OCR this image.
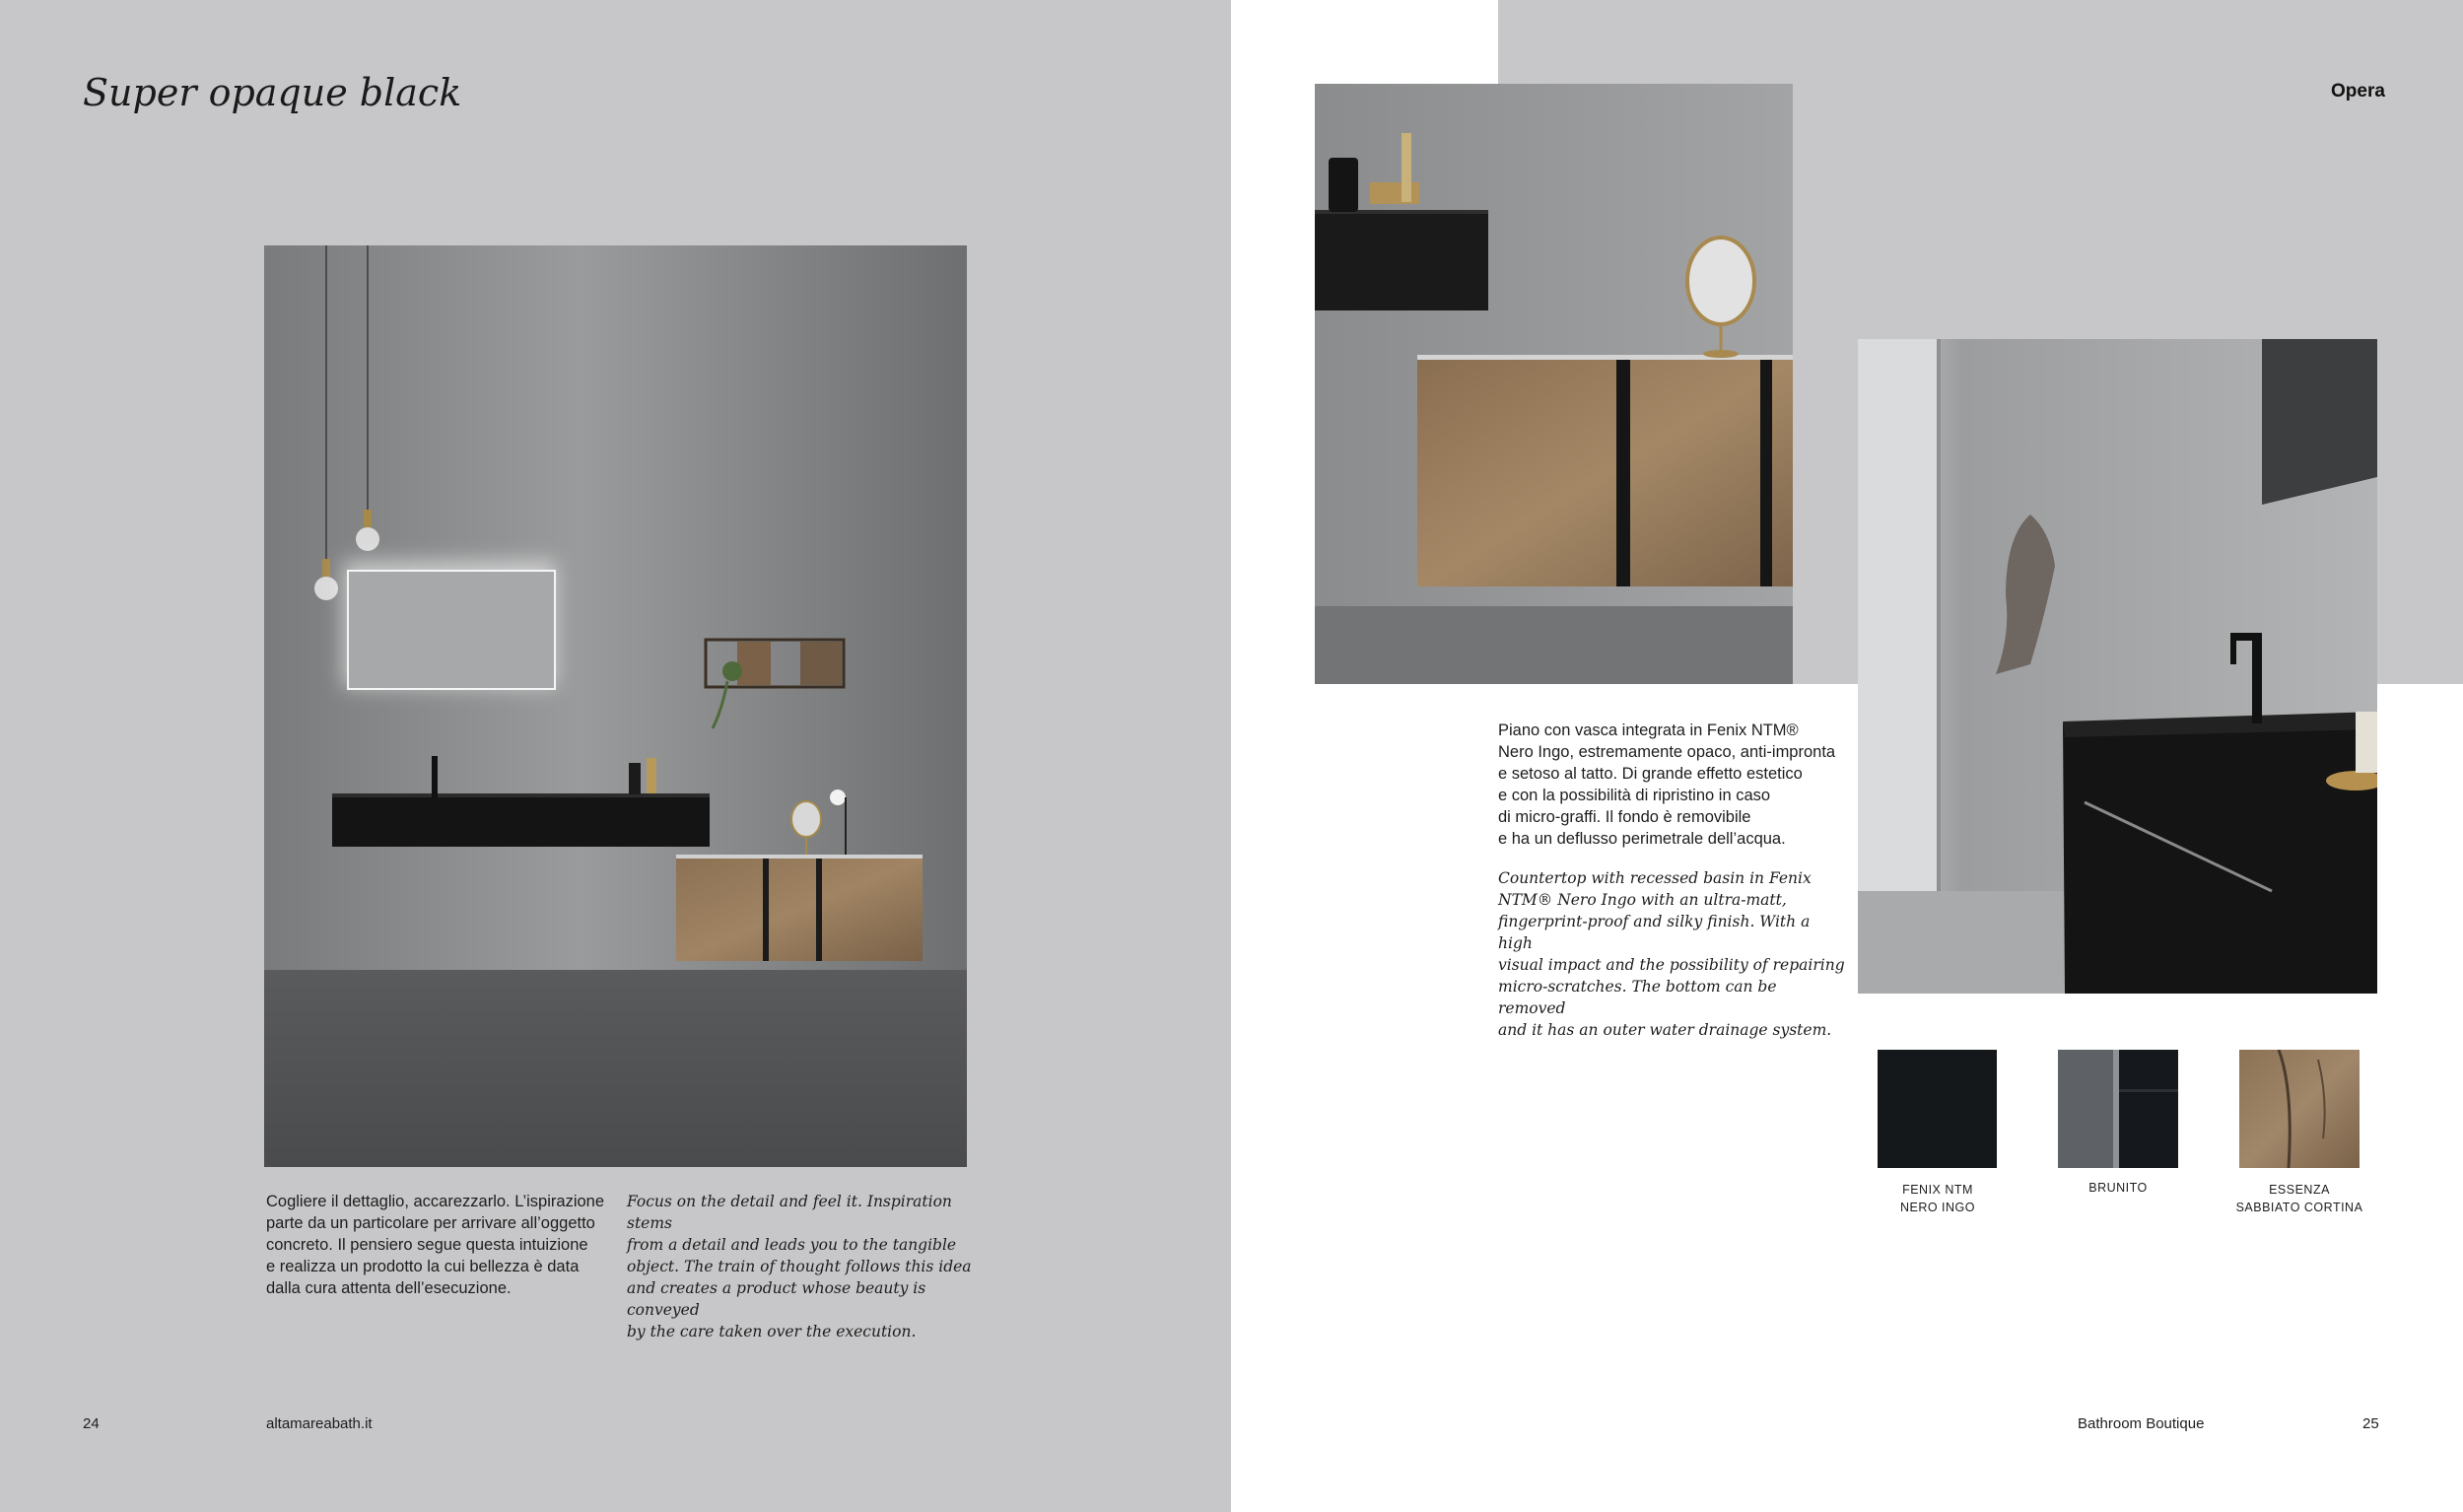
Super opaque black
Cogliere il dettaglio, accarezzarlo. L’ispirazione
parte da un particolare per arrivare all’oggetto
concreto. Il pensiero segue questa intuizione
e realizza un prodotto la cui bellezza è data
dalla cura attenta dell’esecuzione.
Focus on the detail and feel it. Inspiration stems
from a detail and leads you to the tangible
object. The train of thought follows this idea
and creates a product whose beauty is conveyed
by the care taken over the execution.
24	altamareabath.it
Opera
Piano con vasca integrata in Fenix NTM®
Nero Ingo, estremamente opaco, anti-impronta
e setoso al tatto. Di grande effetto estetico
e con la possibilità di ripristino in caso
di micro-graffi. Il fondo è removibile
e ha un deflusso perimetrale dell’acqua.
Countertop with recessed basin in Fenix
NTM® Nero Ingo with an ultra-matt,
fingerprint-proof and silky finish. With a high
visual impact and the possibility of repairing
micro-scratches. The bottom can be removed
and it has an outer water drainage system.
FENIX NTM
NERO INGO
BRUNITO	ESSENZA
SABBIATO CORTINA
Bathroom Boutique	25
